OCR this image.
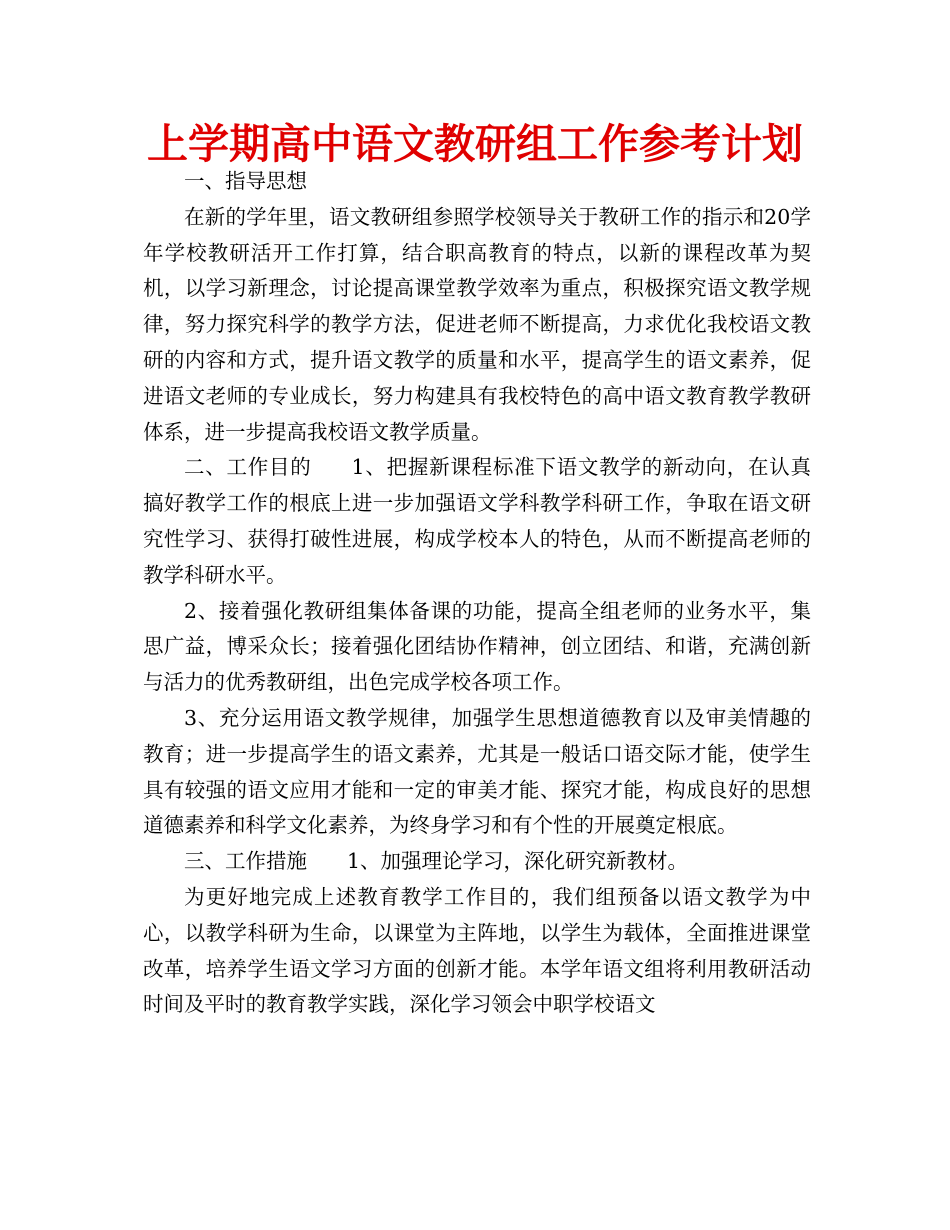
上学期高中语文教研组工作参考计划

一、指导思想

在新的学年里，语文教研组参照学校领导关于教研工作的指示和20学年学校教研活开工作打算，结合职高教育的特点，以新的课程改革为契机，以学习新理念，讨论提高课堂教学效率为重点，积极探究语文教学规律，努力探究科学的教学方法，促进老师不断提高，力求优化我校语文教研的内容和方式，提升语文教学的质量和水平，提高学生的语文素养，促进语文老师的专业成长，努力构建具有我校特色的高中语文教育教学教研体系，进一步提高我校语文教学质量。

二、工作目的 1、把握新课程标准下语文教学的新动向，在认真搞好教学工作的根底上进一步加强语文学科教学科研工作，争取在语文研究性学习、获得打破性进展，构成学校本人的特色，从而不断提高老师的教学科研水平。

2、接着强化教研组集体备课的功能，提高全组老师的业务水平，集思广益，博采众长；接着强化团结协作精神，创立团结、和谐，充满创新与活力的优秀教研组，出色完成学校各项工作。

3、充分运用语文教学规律，加强学生思想道德教育以及审美情趣的教育；进一步提高学生的语文素养，尤其是一般话口语交际才能，使学生具有较强的语文应用才能和一定的审美才能、探究才能，构成良好的思想道德素养和科学文化素养，为终身学习和有个性的开展奠定根底。

三、工作措施 1、加强理论学习，深化研究新教材。

为更好地完成上述教育教学工作目的，我们组预备以语文教学为中心，以教学科研为生命，以课堂为主阵地，以学生为载体，全面推进课堂改革，培养学生语文学习方面的创新才能。本学年语文组将利用教研活动时间及平时的教育教学实践，深化学习领会中职学校语文
